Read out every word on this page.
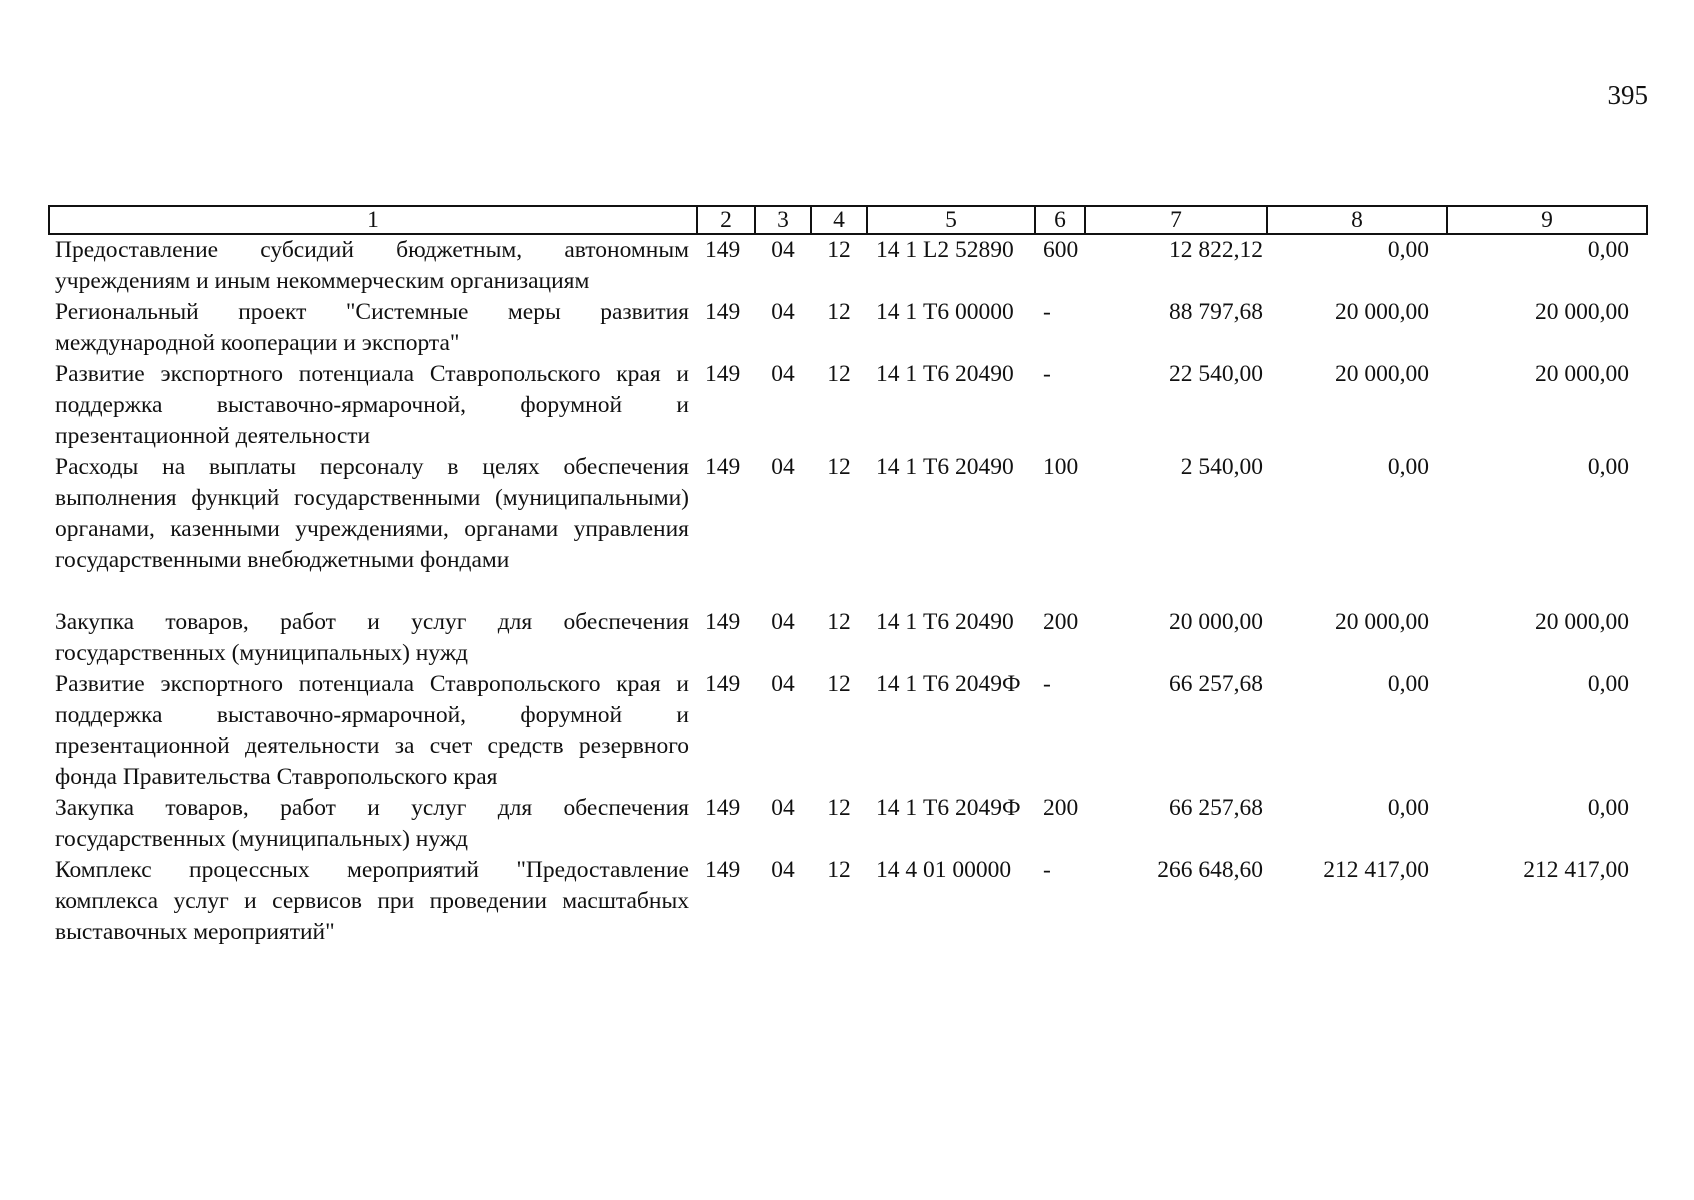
395
1	2	3	4	5	6	7	8	9
Предоставление субсидий бюджетным, автономным учреждениям и иным некоммерческим организациям	149	04	12	14 1 L2 52890	600	12 822,12	0,00	0,00
Региональный проект "Системные меры развития международной кооперации и экспорта"	149	04	12	14 1 Т6 00000	-	88 797,68	20 000,00	20 000,00
Развитие экспортного потенциала Ставропольского края и поддержка выставочно-ярмарочной, форумной и презентационной деятельности	149	04	12	14 1 Т6 20490	-	22 540,00	20 000,00	20 000,00
Расходы на выплаты персоналу в целях обеспечения выполнения функций государственными (муниципальными) органами, казенными учреждениями, органами управления государственными внебюджетными фондами	149	04	12	14 1 Т6 20490	100	2 540,00	0,00	0,00

Закупка товаров, работ и услуг для обеспечения государственных (муниципальных) нужд	149	04	12	14 1 Т6 20490	200	20 000,00	20 000,00	20 000,00
Развитие экспортного потенциала Ставропольского края и поддержка выставочно-ярмарочной, форумной и презентационной деятельности за счет средств резервного фонда Правительства Ставропольского края	149	04	12	14 1 Т6 2049Ф	-	66 257,68	0,00	0,00
Закупка товаров, работ и услуг для обеспечения государственных (муниципальных) нужд	149	04	12	14 1 Т6 2049Ф	200	66 257,68	0,00	0,00
Комплекс процессных мероприятий "Предоставление комплекса услуг и сервисов при проведении масштабных выставочных мероприятий"	149	04	12	14 4 01 00000	-	266 648,60	212 417,00	212 417,00
